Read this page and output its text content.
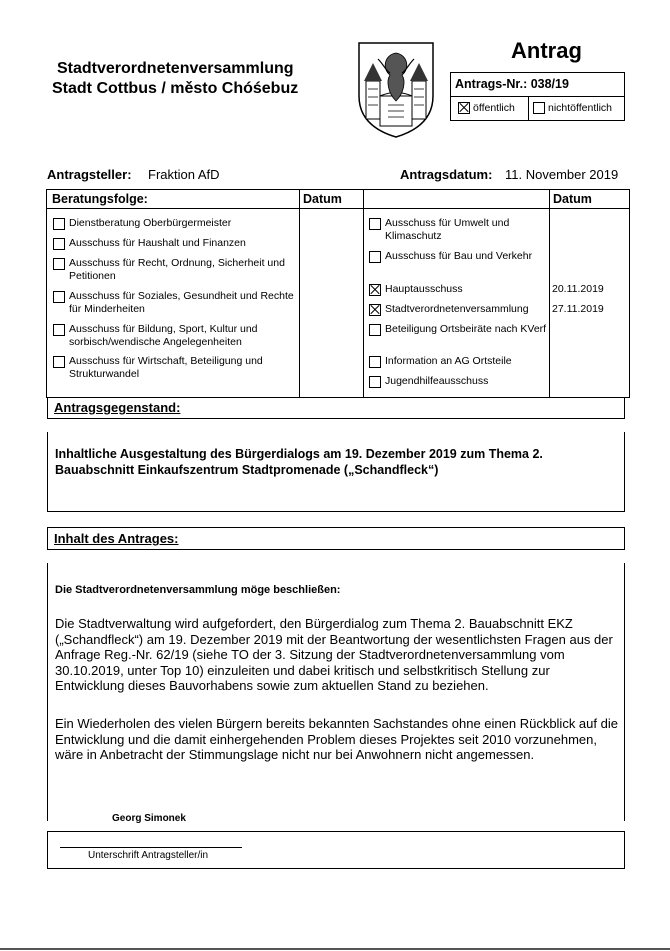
Stadtverordnetenversammlung
Stadt Cottbus / město Chóśebuz
Antrag
Antrags-Nr.: 038/19
öffentlich	nichtöffentlich
Antragsteller: Fraktion AfD	Antragsdatum: 11. November 2019
Beratungsfolge:	Datum	Datum
Dienstberatung Oberbürgermeister
Ausschuss für Haushalt und Finanzen
Ausschuss für Recht, Ordnung, Sicherheit und Petitionen
Ausschuss für Soziales, Gesundheit und Rechte für Minderheiten
Ausschuss für Bildung, Sport, Kultur und sorbisch/wendische Angelegenheiten
Ausschuss für Wirtschaft, Beteiligung und Strukturwandel
Ausschuss für Umwelt und Klimaschutz
Ausschuss für Bau und Verkehr
Hauptausschuss	20.11.2019
Stadtverordnetenversammlung	27.11.2019
Beteiligung Ortsbeiräte nach KVerf
Information an AG Ortsteile
Jugendhilfeausschuss
Antragsgegenstand:
Inhaltliche Ausgestaltung des Bürgerdialogs am 19. Dezember 2019 zum Thema 2. Bauabschnitt Einkaufszentrum Stadtpromenade („Schandfleck“)
Inhalt des Antrages:
Die Stadtverordnetenversammlung möge beschließen:
Die Stadtverwaltung wird aufgefordert, den Bürgerdialog zum Thema 2. Bauabschnitt EKZ („Schandfleck“) am 19. Dezember 2019 mit der Beantwortung der wesentlichsten Fragen aus der Anfrage Reg.-Nr. 62/19 (siehe TO der 3. Sitzung der Stadtverordnetenversammlung vom 30.10.2019, unter Top 10) einzuleiten und dabei kritisch und selbstkritisch Stellung zur Entwicklung dieses Bauvorhabens sowie zum aktuellen Stand zu beziehen.
Ein Wiederholen des vielen Bürgern bereits bekannten Sachstandes ohne einen Rückblick auf die Entwicklung und die damit einhergehenden Problem dieses Projektes seit 2010 vorzunehmen, wäre in Anbetracht der Stimmungslage nicht nur bei Anwohnern nicht angemessen.
Georg Simonek
Unterschrift Antragsteller/in
